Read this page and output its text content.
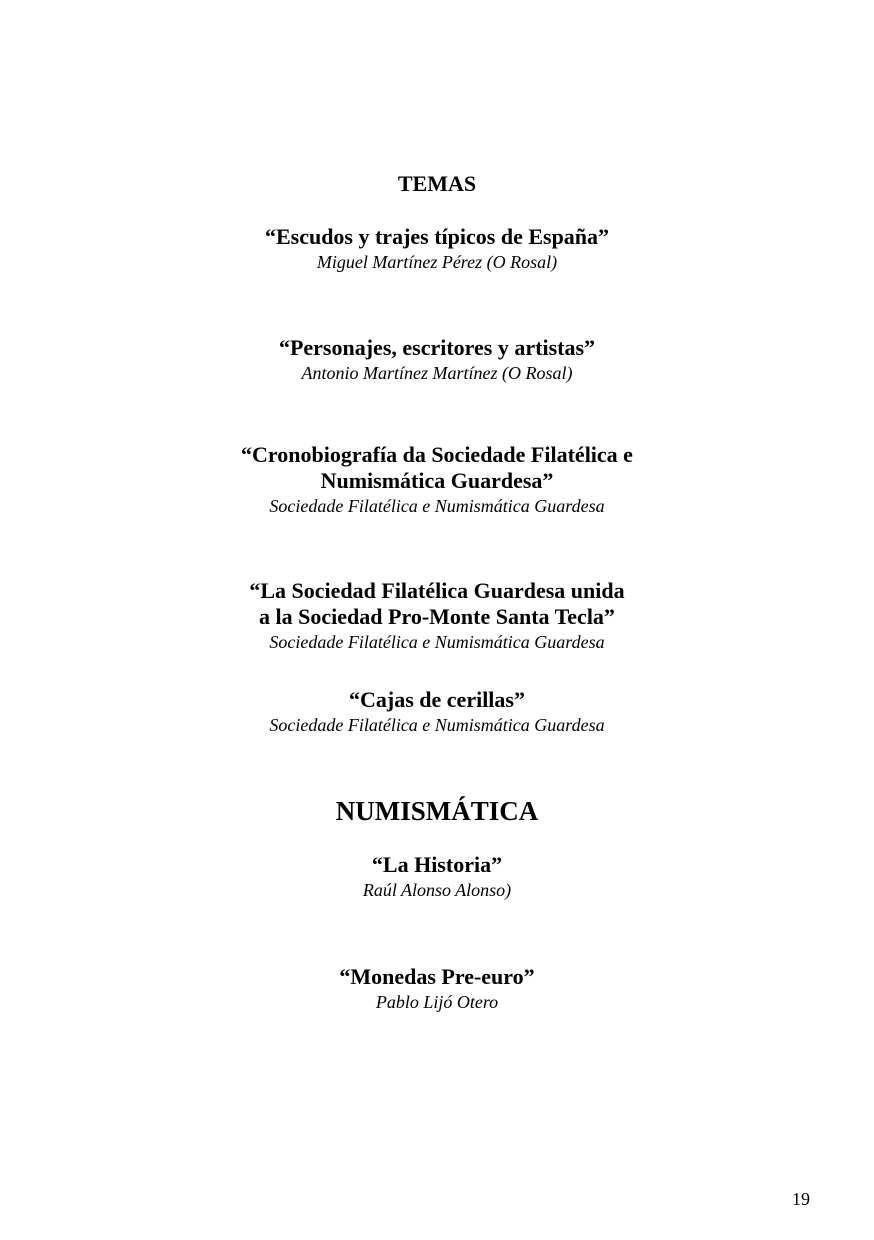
TEMAS

“Escudos y trajes típicos de España”

Miguel Martínez Pérez (O Rosal)

“Personajes, escritores y artistas”

Antonio Martínez Martínez (O Rosal)

“Cronobiografía da Sociedade Filatélica e
Numismática Guardesa”

Sociedade Filatélica e Numismática Guardesa

“La Sociedad Filatélica Guardesa unida
a la Sociedad Pro-Monte Santa Tecla”

Sociedade Filatélica e Numismática Guardesa

“Cajas de cerillas”

Sociedade Filatélica e Numismática Guardesa

NUMISMÁTICA

“La Historia”

Raúl Alonso Alonso)

“Monedas Pre-euro”

Pablo Lijó Otero

19
